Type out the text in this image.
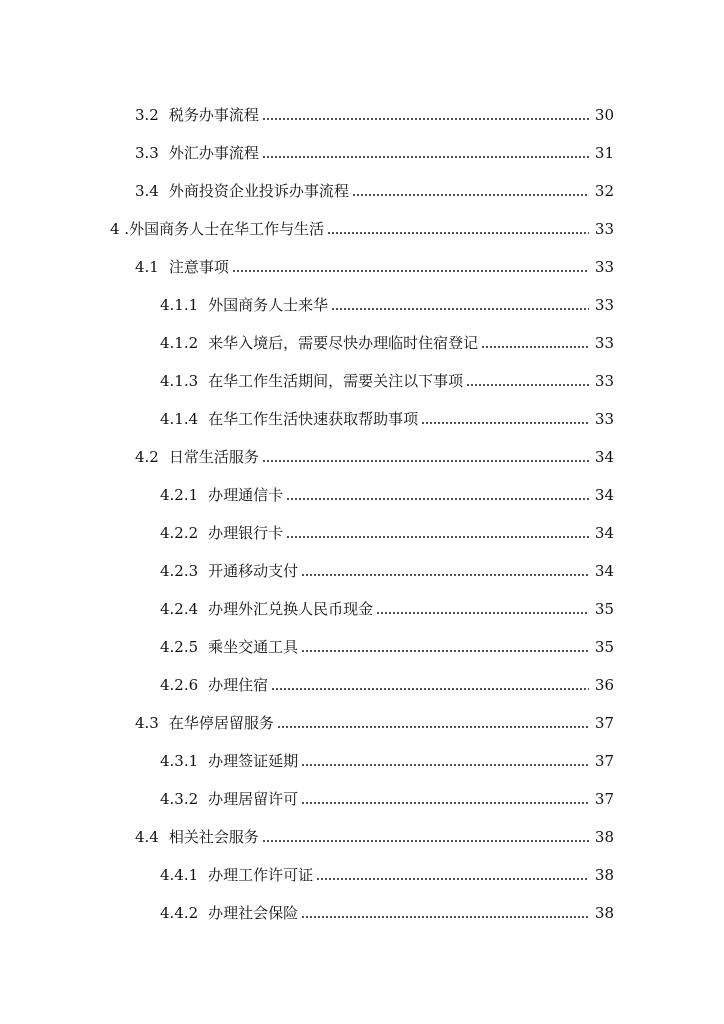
3.2 税务办事流程	30
3.3 外汇办事流程	31
3.4 外商投资企业投诉办事流程	32
4 . 外国商务人士在华工作与生活	33
4.1 注意事项	33
4.1.1 外国商务人士来华	33
4.1.2 来华入境后，需要尽快办理临时住宿登记	33
4.1.3 在华工作生活期间，需要关注以下事项	33
4.1.4 在华工作生活快速获取帮助事项	33
4.2 日常生活服务	34
4.2.1 办理通信卡	34
4.2.2 办理银行卡	34
4.2.3 开通移动支付	34
4.2.4 办理外汇兑换人民币现金	35
4.2.5 乘坐交通工具	35
4.2.6 办理住宿	36
4.3 在华停居留服务	37
4.3.1 办理签证延期	37
4.3.2 办理居留许可	37
4.4 相关社会服务	38
4.4.1 办理工作许可证	38
4.4.2 办理社会保险	38
